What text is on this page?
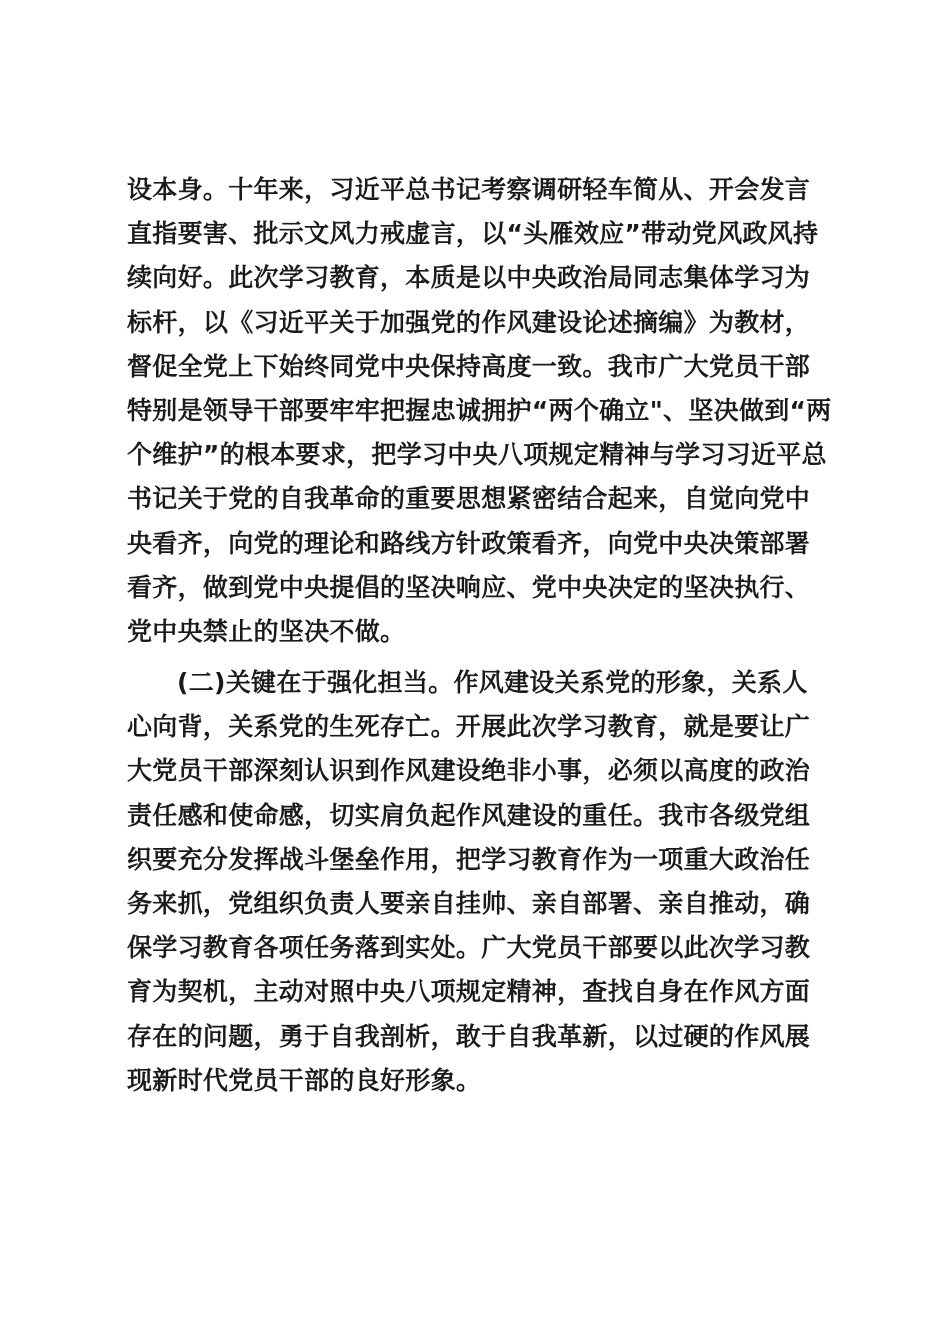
设本身。十年来，习近平总书记考察调研轻车简从、开会发言
直指要害、批示文风力戒虚言，以“头雁效应”带动党风政风持
续向好。此次学习教育，本质是以中央政治局同志集体学习为
标杆，以《习近平关于加强党的作风建设论述摘编》为教材，
督促全党上下始终同党中央保持高度一致。我市广大党员干部
特别是领导干部要牢牢把握忠诚拥护“两个确立"、坚决做到“两
个维护”的根本要求，把学习中央八项规定精神与学习习近平总
书记关于党的自我革命的重要思想紧密结合起来，自觉向党中
央看齐，向党的理论和路线方针政策看齐，向党中央决策部署
看齐，做到党中央提倡的坚决响应、党中央决定的坚决执行、
党中央禁止的坚决不做。
(二)关键在于强化担当。作风建设关系党的形象，关系人
心向背，关系党的生死存亡。开展此次学习教育，就是要让广
大党员干部深刻认识到作风建设绝非小事，必须以高度的政治
责任感和使命感，切实肩负起作风建设的重任。我市各级党组
织要充分发挥战斗堡垒作用，把学习教育作为一项重大政治任
务来抓，党组织负责人要亲自挂帅、亲自部署、亲自推动，确
保学习教育各项任务落到实处。广大党员干部要以此次学习教
育为契机，主动对照中央八项规定精神，查找自身在作风方面
存在的问题，勇于自我剖析，敢于自我革新，以过硬的作风展
现新时代党员干部的良好形象。
